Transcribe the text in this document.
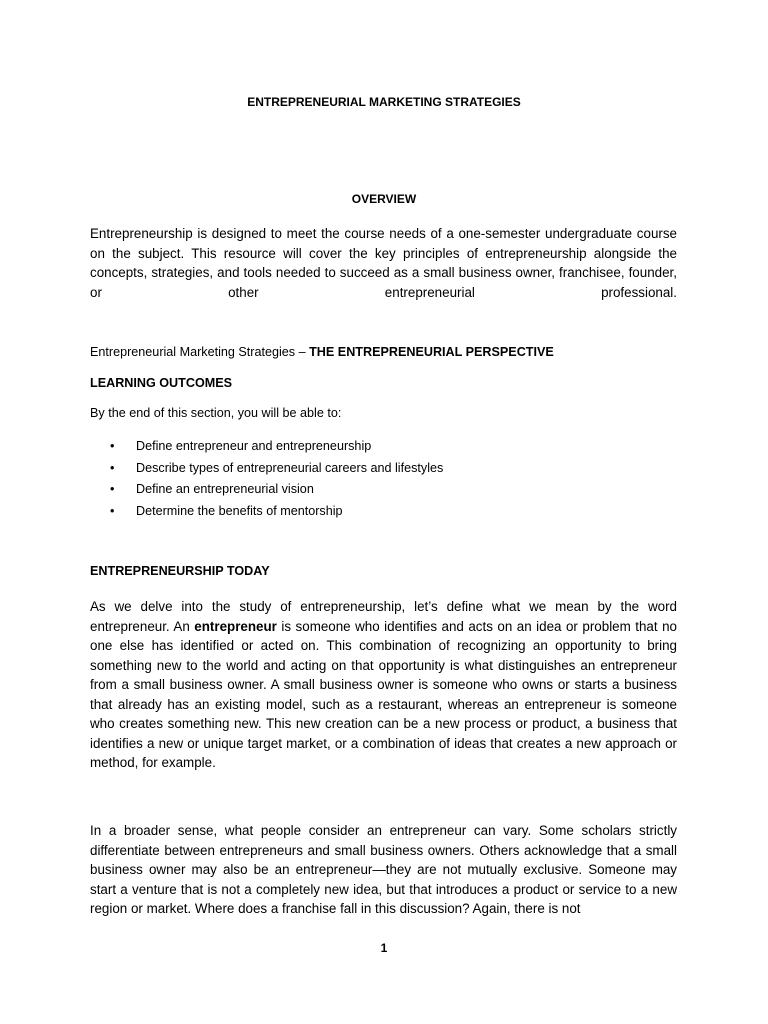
ENTREPRENEURIAL MARKETING STRATEGIES

OVERVIEW

Entrepreneurship is designed to meet the course needs of a one-semester undergraduate course on the subject. This resource will cover the key principles of entrepreneurship alongside the concepts, strategies, and tools needed to succeed as a small business owner, franchisee, founder, or other entrepreneurial professional.

Entrepreneurial Marketing Strategies – THE ENTREPRENEURIAL PERSPECTIVE

LEARNING OUTCOMES

By the end of this section, you will be able to:

• Define entrepreneur and entrepreneurship
• Describe types of entrepreneurial careers and lifestyles
• Define an entrepreneurial vision
• Determine the benefits of mentorship

ENTREPRENEURSHIP TODAY

As we delve into the study of entrepreneurship, let’s define what we mean by the word entrepreneur. An entrepreneur is someone who identifies and acts on an idea or problem that no one else has identified or acted on. This combination of recognizing an opportunity to bring something new to the world and acting on that opportunity is what distinguishes an entrepreneur from a small business owner. A small business owner is someone who owns or starts a business that already has an existing model, such as a restaurant, whereas an entrepreneur is someone who creates something new. This new creation can be a new process or product, a business that identifies a new or unique target market, or a combination of ideas that creates a new approach or method, for example.

In a broader sense, what people consider an entrepreneur can vary. Some scholars strictly differentiate between entrepreneurs and small business owners. Others acknowledge that a small business owner may also be an entrepreneur—they are not mutually exclusive. Someone may start a venture that is not a completely new idea, but that introduces a product or service to a new region or market. Where does a franchise fall in this discussion? Again, there is not

1
